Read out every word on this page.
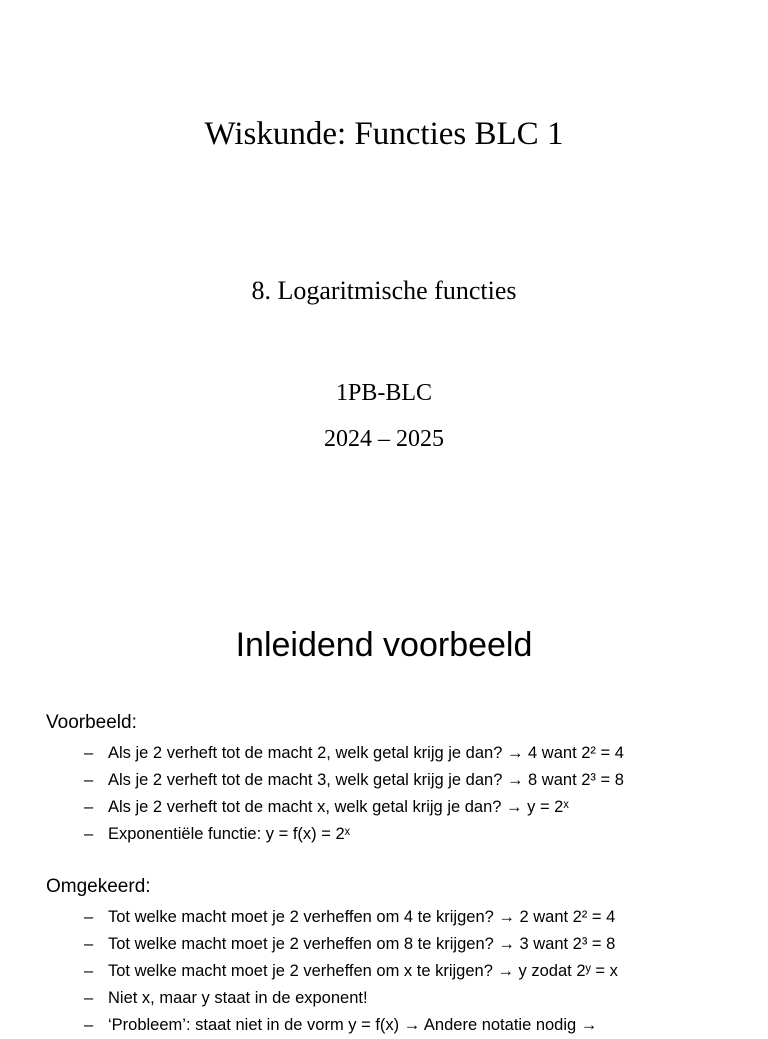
Wiskunde: Functies BLC 1
8. Logaritmische functies
1PB-BLC
2024 – 2025
Inleidend voorbeeld
Voorbeeld:
– Als je 2 verheft tot de macht 2, welk getal krijg je dan? → 4 want 2² = 4
– Als je 2 verheft tot de macht 3, welk getal krijg je dan? → 8 want 2³ = 8
– Als je 2 verheft tot de macht x, welk getal krijg je dan? → y = 2ˣ
– Exponentiële functie: y = f(x) = 2ˣ
Omgekeerd:
– Tot welke macht moet je 2 verheffen om 4 te krijgen? → 2 want 2² = 4
– Tot welke macht moet je 2 verheffen om 8 te krijgen? → 3 want 2³ = 8
– Tot welke macht moet je 2 verheffen om x te krijgen? → y zodat 2ʸ = x
– Niet x, maar y staat in de exponent!
– ‘Probleem’: staat niet in de vorm y = f(x) → Andere notatie nodig →
